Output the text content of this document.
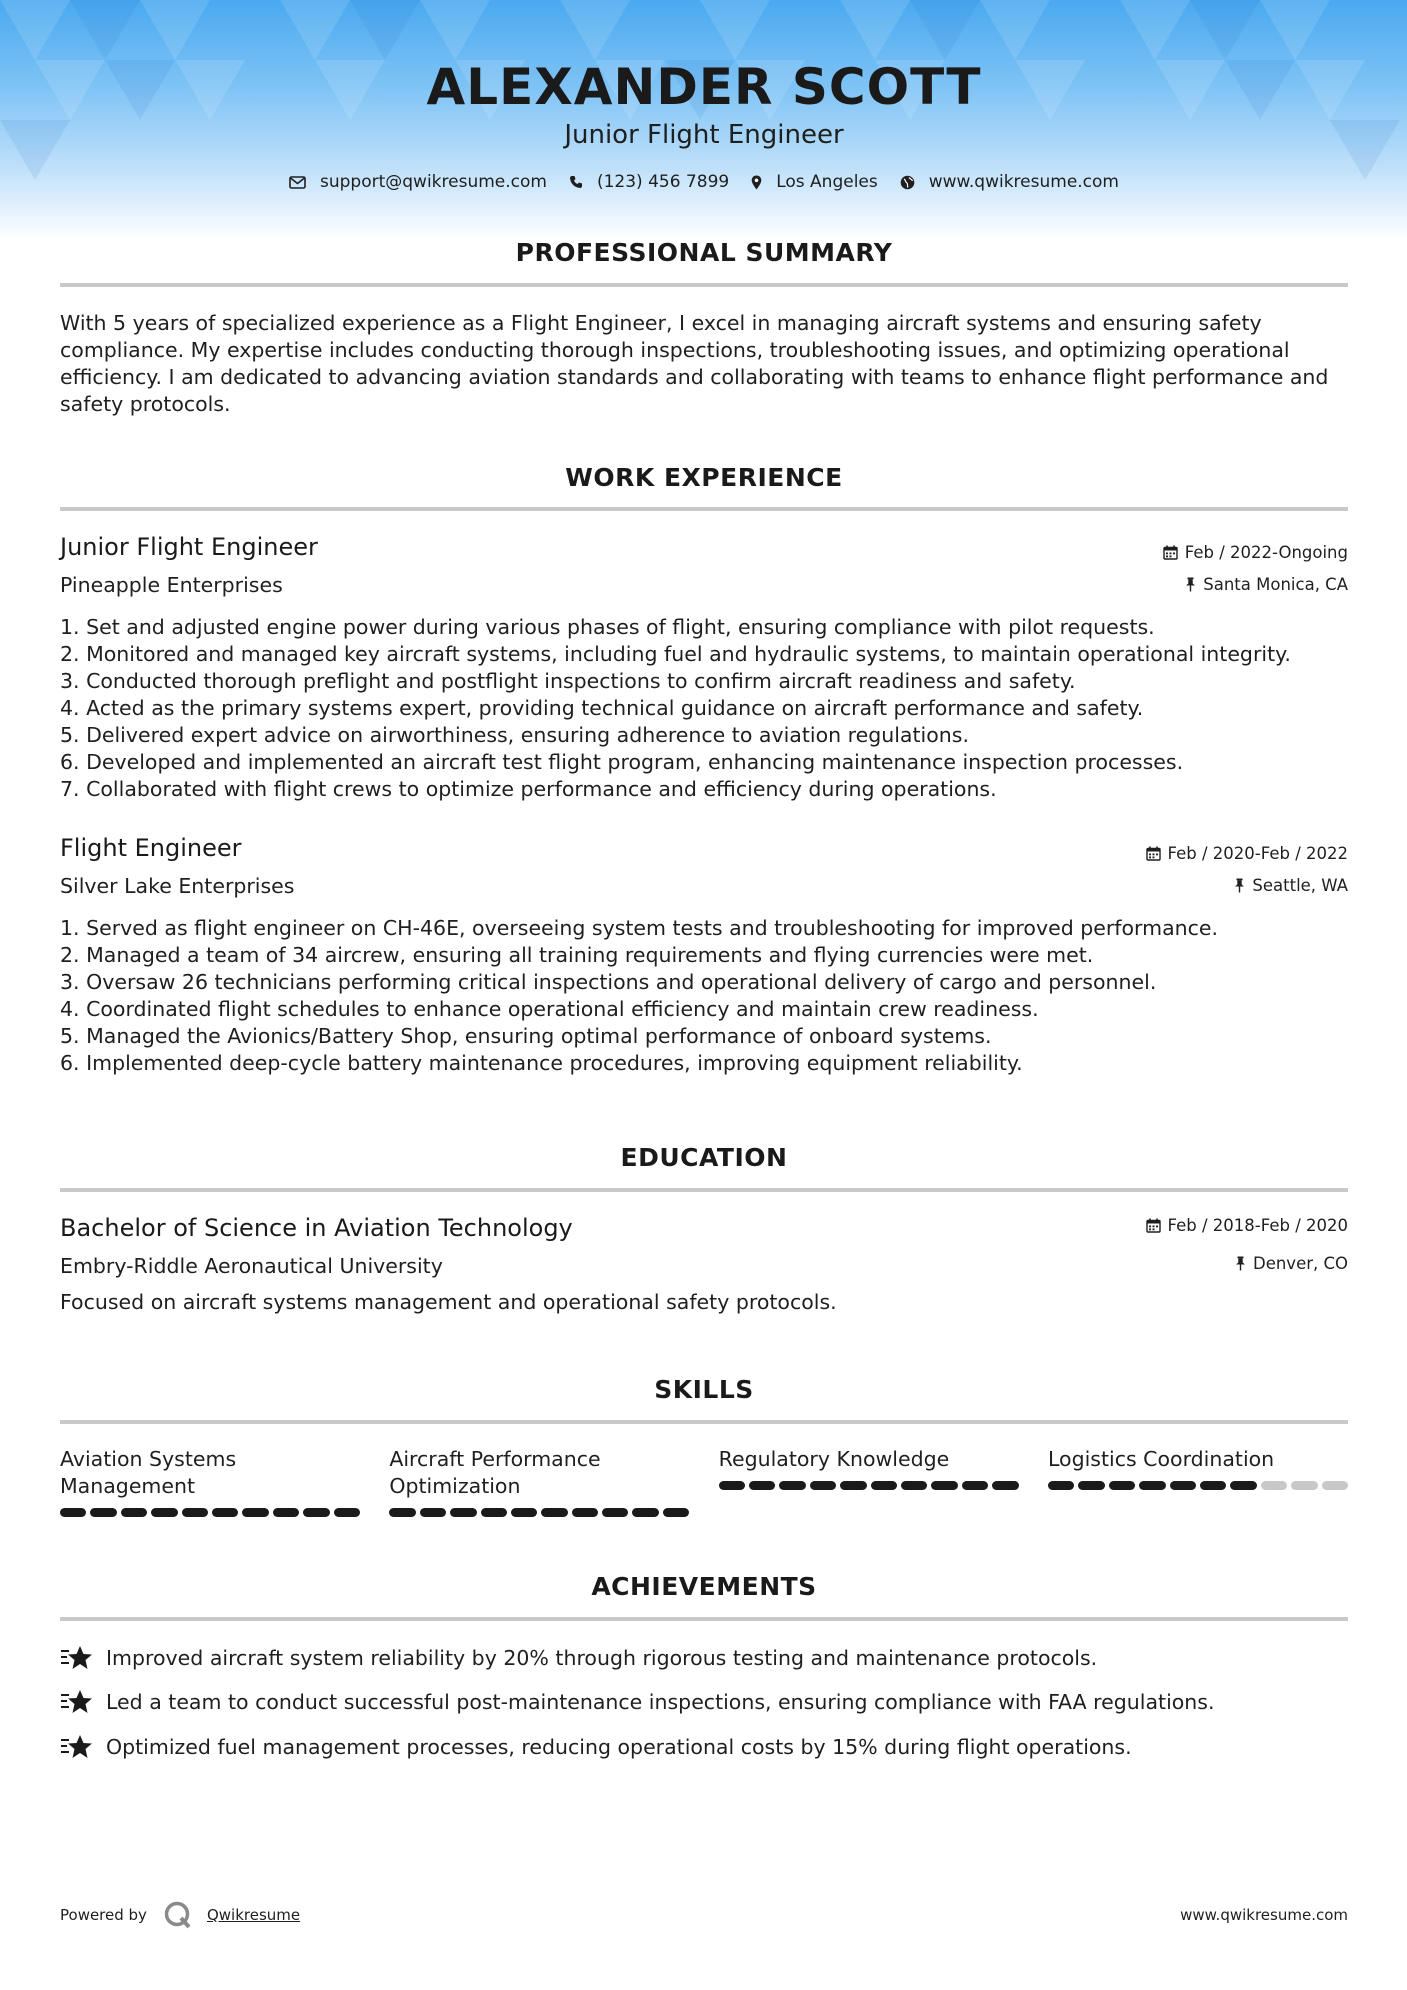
ALEXANDER SCOTT
Junior Flight Engineer
support@qwikresume.com	(123) 456 7899	Los Angeles	www.qwikresume.com
PROFESSIONAL SUMMARY
With 5 years of specialized experience as a Flight Engineer, I excel in managing aircraft systems and ensuring safety compliance. My expertise includes conducting thorough inspections, troubleshooting issues, and optimizing operational efficiency. I am dedicated to advancing aviation standards and collaborating with teams to enhance flight performance and safety protocols.
WORK EXPERIENCE
Junior Flight Engineer	Feb / 2022-Ongoing
Pineapple Enterprises	Santa Monica, CA
1. Set and adjusted engine power during various phases of flight, ensuring compliance with pilot requests.
2. Monitored and managed key aircraft systems, including fuel and hydraulic systems, to maintain operational integrity.
3. Conducted thorough preflight and postflight inspections to confirm aircraft readiness and safety.
4. Acted as the primary systems expert, providing technical guidance on aircraft performance and safety.
5. Delivered expert advice on airworthiness, ensuring adherence to aviation regulations.
6. Developed and implemented an aircraft test flight program, enhancing maintenance inspection processes.
7. Collaborated with flight crews to optimize performance and efficiency during operations.
Flight Engineer	Feb / 2020-Feb / 2022
Silver Lake Enterprises	Seattle, WA
1. Served as flight engineer on CH-46E, overseeing system tests and troubleshooting for improved performance.
2. Managed a team of 34 aircrew, ensuring all training requirements and flying currencies were met.
3. Oversaw 26 technicians performing critical inspections and operational delivery of cargo and personnel.
4. Coordinated flight schedules to enhance operational efficiency and maintain crew readiness.
5. Managed the Avionics/Battery Shop, ensuring optimal performance of onboard systems.
6. Implemented deep-cycle battery maintenance procedures, improving equipment reliability.
EDUCATION
Bachelor of Science in Aviation Technology	Feb / 2018-Feb / 2020
Embry-Riddle Aeronautical University	Denver, CO
Focused on aircraft systems management and operational safety protocols.
SKILLS
Aviation Systems Management
Aircraft Performance Optimization
Regulatory Knowledge	Logistics Coordination
ACHIEVEMENTS
Improved aircraft system reliability by 20% through rigorous testing and maintenance protocols.
Led a team to conduct successful post-maintenance inspections, ensuring compliance with FAA regulations.
Optimized fuel management processes, reducing operational costs by 15% during flight operations.
Powered by	Qwikresume	www.qwikresume.com
